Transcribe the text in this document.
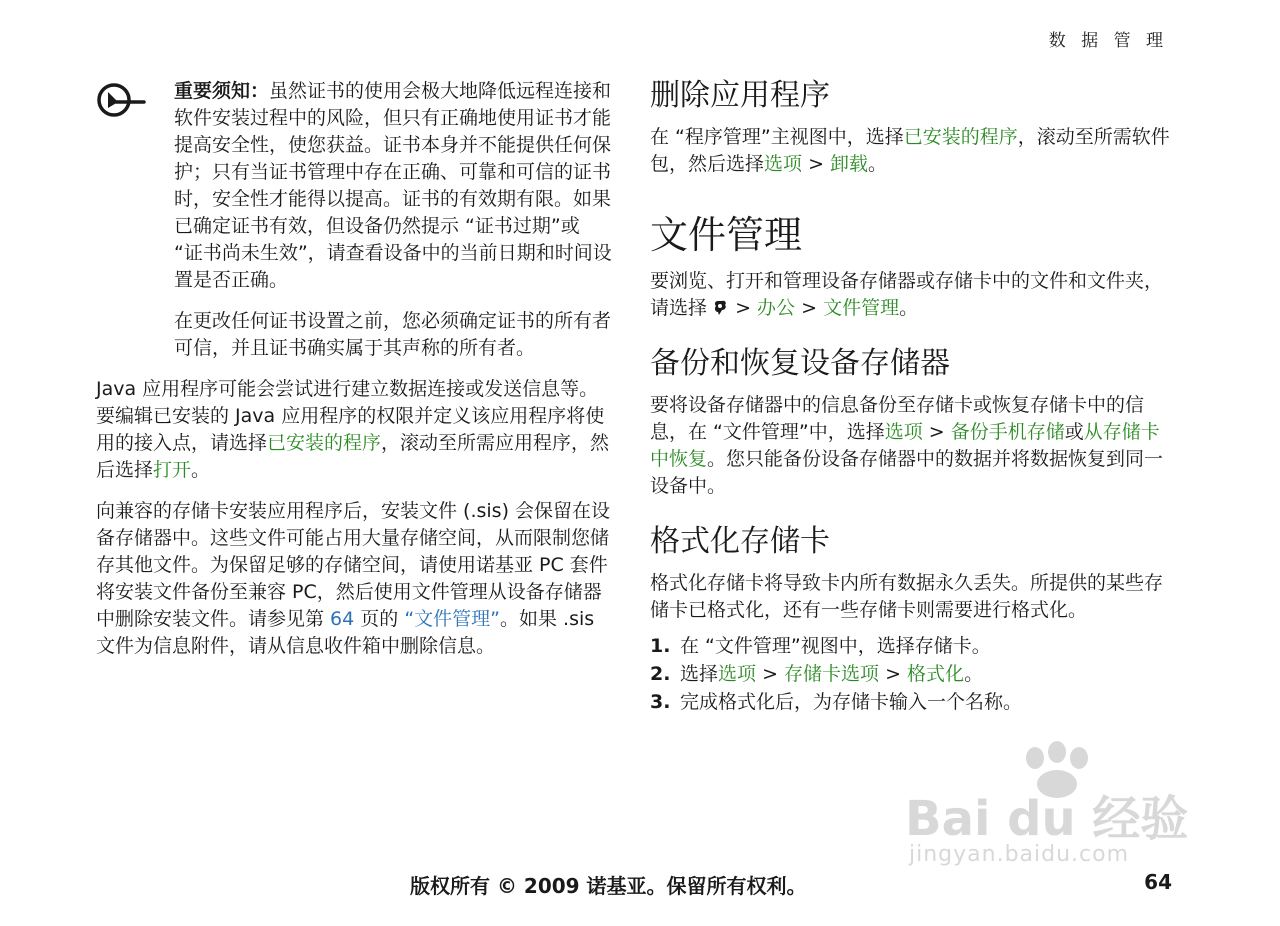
数 据 管 理

重要须知：虽然证书的使用会极大地降低远程连接和软件安装过程中的风险，但只有正确地使用证书才能提高安全性，使您获益。证书本身并不能提供任何保护；只有当证书管理中存在正确、可靠和可信的证书时，安全性才能得以提高。证书的有效期有限。如果已确定证书有效，但设备仍然提示 “证书过期”或 “证书尚未生效”，请查看设备中的当前日期和时间设置是否正确。

在更改任何证书设置之前，您必须确定证书的所有者可信，并且证书确实属于其声称的所有者。

Java 应用程序可能会尝试进行建立数据连接或发送信息等。要编辑已安装的 Java 应用程序的权限并定义该应用程序将使用的接入点，请选择已安装的程序，滚动至所需应用程序，然后选择打开。

向兼容的存储卡安装应用程序后，安装文件 (.sis) 会保留在设备存储器中。这些文件可能占用大量存储空间，从而限制您储存其他文件。为保留足够的存储空间，请使用诺基亚 PC 套件将安装文件备份至兼容 PC，然后使用文件管理从设备存储器中删除安装文件。请参见第 64 页的 “文件管理”。如果 .sis 文件为信息附件，请从信息收件箱中删除信息。

删除应用程序

在 “程序管理”主视图中，选择已安装的程序，滚动至所需软件包，然后选择选项 > 卸载。

文件管理

要浏览、打开和管理设备存储器或存储卡中的文件和文件夹，请选择  > 办公 > 文件管理。

备份和恢复设备存储器

要将设备存储器中的信息备份至存储卡或恢复存储卡中的信息，在 “文件管理”中，选择选项 > 备份手机存储或从存储卡中恢复。您只能备份设备存储器中的数据并将数据恢复到同一设备中。

格式化存储卡

格式化存储卡将导致卡内所有数据永久丢失。所提供的某些存储卡已格式化，还有一些存储卡则需要进行格式化。

1. 在 “文件管理”视图中，选择存储卡。
2. 选择选项 > 存储卡选项 > 格式化。
3. 完成格式化后，为存储卡输入一个名称。
Bai du 经验
jingyan.baidu.com
版权所有 © 2009 诺基亚。保留所有权利。	64
